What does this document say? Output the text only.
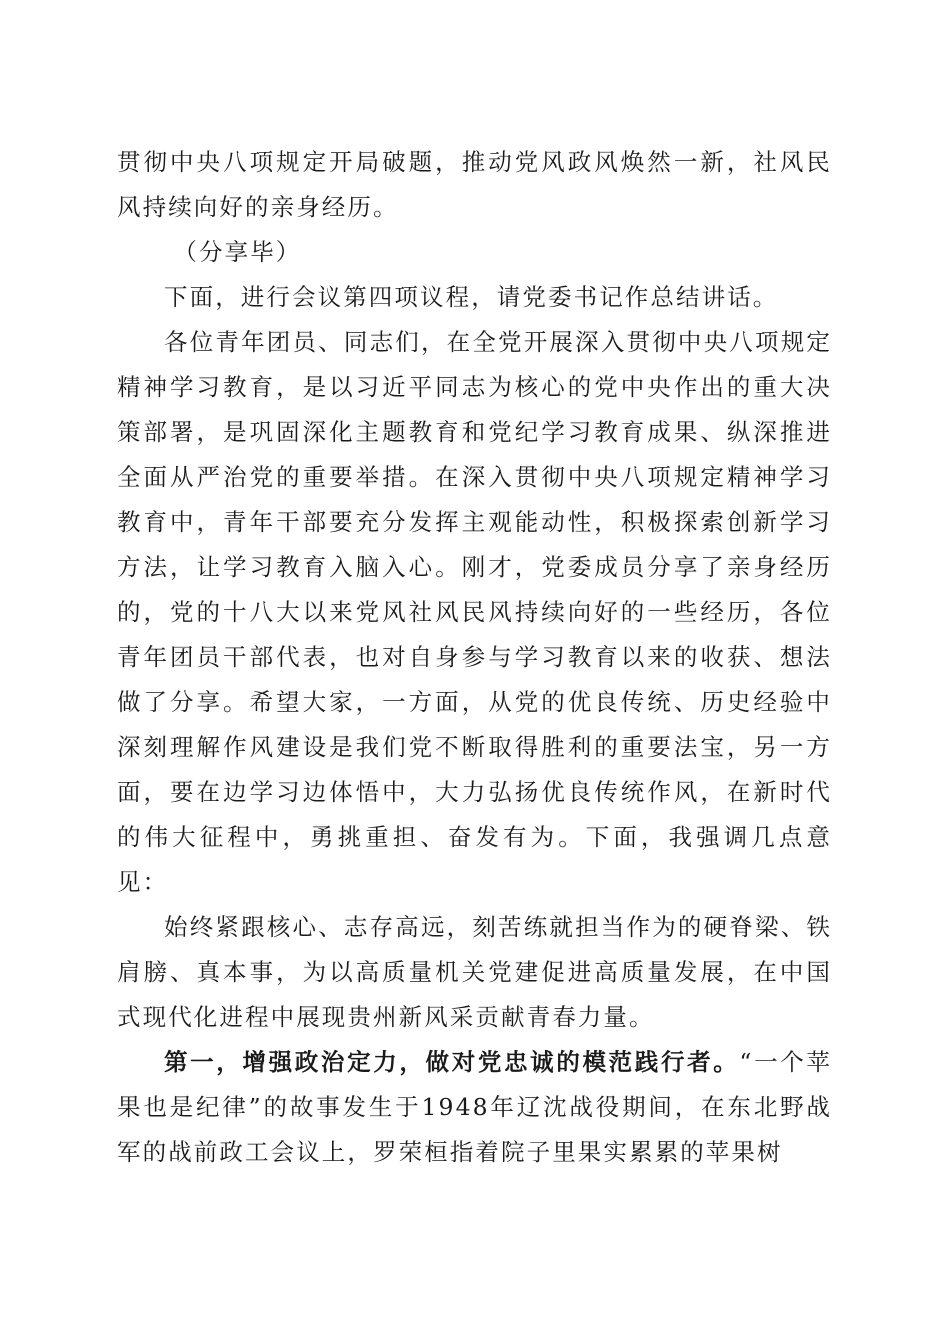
贯彻中央八项规定开局破题，推动党风政风焕然一新，社风民风持续向好的亲身经历。

（分享毕）

下面，进行会议第四项议程，请党委书记作总结讲话。

各位青年团员、同志们，在全党开展深入贯彻中央八项规定精神学习教育，是以习近平同志为核心的党中央作出的重大决策部署，是巩固深化主题教育和党纪学习教育成果、纵深推进全面从严治党的重要举措。在深入贯彻中央八项规定精神学习教育中，青年干部要充分发挥主观能动性，积极探索创新学习方法，让学习教育入脑入心。刚才，党委成员分享了亲身经历的，党的十八大以来党风社风民风持续向好的一些经历，各位青年团员干部代表，也对自身参与学习教育以来的收获、想法做了分享。希望大家，一方面，从党的优良传统、历史经验中深刻理解作风建设是我们党不断取得胜利的重要法宝，另一方面，要在边学习边体悟中，大力弘扬优良传统作风，在新时代的伟大征程中，勇挑重担、奋发有为。下面，我强调几点意见：

始终紧跟核心、志存高远，刻苦练就担当作为的硬脊梁、铁肩膀、真本事，为以高质量机关党建促进高质量发展，在中国式现代化进程中展现贵州新风采贡献青春力量。

第一，增强政治定力，做对党忠诚的模范践行者。“一个苹果也是纪律”的故事发生于1948年辽沈战役期间，在东北野战军的战前政工会议上，罗荣桓指着院子里果实累累的苹果树
